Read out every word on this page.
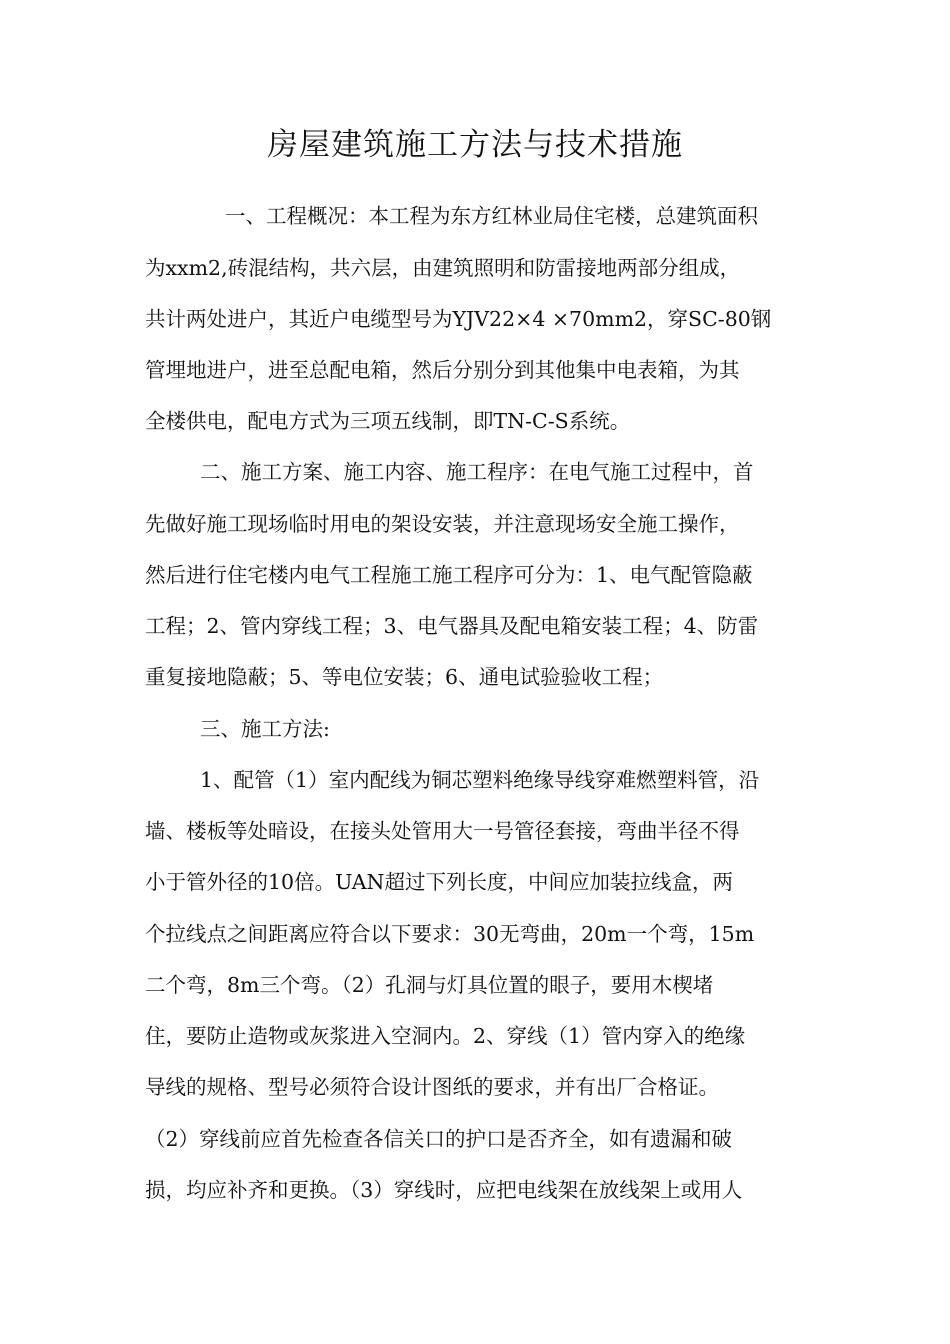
房屋建筑施工方法与技术措施
一、工程概况：本工程为东方红林业局住宅楼，总建筑面积
为xxm2,砖混结构，共六层，由建筑照明和防雷接地两部分组成，
共计两处进户，其近户电缆型号为YJV22×4 ×70mm2，穿SC-80钢
管埋地进户，进至总配电箱，然后分别分到其他集中电表箱，为其
全楼供电，配电方式为三项五线制，即TN-C-S系统。
二、施工方案、施工内容、施工程序：在电气施工过程中，首
先做好施工现场临时用电的架设安装，并注意现场安全施工操作，
然后进行住宅楼内电气工程施工施工程序可分为：1、电气配管隐蔽
工程；2、管内穿线工程；3、电气器具及配电箱安装工程；4、防雷
重复接地隐蔽；5、等电位安装；6、通电试验验收工程；
三、施工方法:
1、配管（1）室内配线为铜芯塑料绝缘导线穿难燃塑料管，沿
墙、楼板等处暗设，在接头处管用大一号管径套接，弯曲半径不得
小于管外径的10倍。UAN超过下列长度，中间应加装拉线盒，两
个拉线点之间距离应符合以下要求：30无弯曲，20m一个弯，15m
二个弯，8m三个弯。（2）孔洞与灯具位置的眼子，要用木楔堵
住，要防止造物或灰浆进入空洞内。2、穿线（1）管内穿入的绝缘
导线的规格、型号必须符合设计图纸的要求，并有出厂合格证。
（2）穿线前应首先检查各信关口的护口是否齐全，如有遗漏和破
损，均应补齐和更换。（3）穿线时，应把电线架在放线架上或用人
